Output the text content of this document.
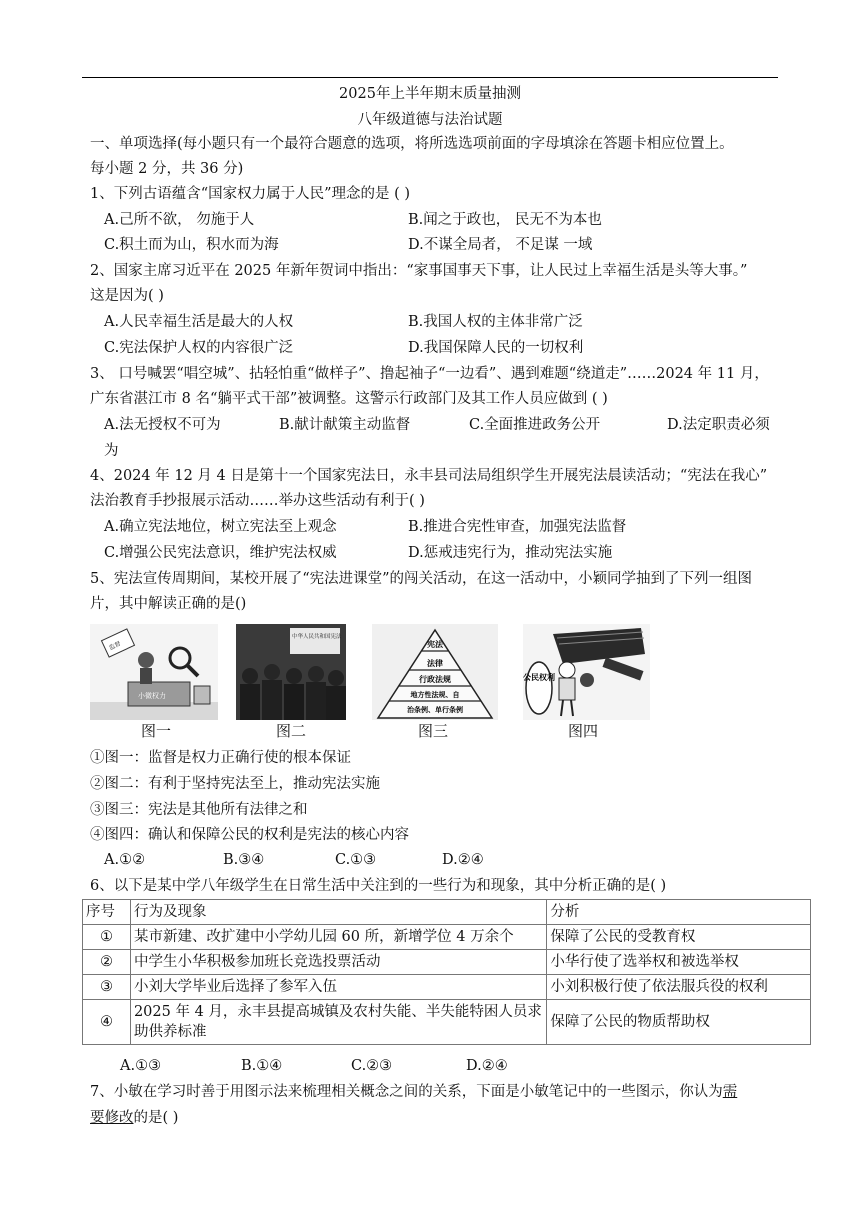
2025年上半年期末质量抽测
八年级道德与法治试题
一、单项选择(每小题只有一个最符合题意的选项，将所选选项前面的字母填涂在答题卡相应位置上。
每小题 2 分，共 36 分)
1、下列古语蕴含“国家权力属于人民”理念的是 ( )
A.己所不欲， 勿施于人	B.闻之于政也， 民无不为本也
C.积土而为山，积水而为海	D.不谋全局者， 不足谋 一域
2、国家主席习近平在 2025 年新年贺词中指出：“家事国事天下事，让人民过上幸福生活是头等大事。”
这是因为( )
A.人民幸福生活是最大的人权	B.我国人权的主体非常广泛
C.宪法保护人权的内容很广泛	D.我国保障人民的一切权利
3、 口号喊罢“唱空城”、拈轻怕重“做样子”、撸起袖子“一边看”、遇到难题“绕道走”……2024 年 11 月，
广东省湛江市 8 名“躺平式干部”被调整。这警示行政部门及其工作人员应做到 ( )
A.法无授权不可为	B.献计献策主动监督	C.全面推进政务公开	D.法定职责必须
为
4、2024 年 12 月 4 日是第十一个国家宪法日，永丰县司法局组织学生开展宪法晨读活动；“宪法在我心”
法治教育手抄报展示活动……举办这些活动有利于( )
A.确立宪法地位，树立宪法至上观念	B.推进合宪性审查，加强宪法监督
C.增强公民宪法意识，维护宪法权威	D.惩戒违宪行为，推动宪法实施
5、宪法宣传周期间，某校开展了“宪法进课堂”的闯关活动，在这一活动中，小颖同学抽到了下列一组图
片，其中解读正确的是()
小微权力
监督
图一
中华人民共和国宪法
图二
宪法
法律
行政法规
地方性法规、自
治条例、单行条例
图三
公民权利
图四
①图一：监督是权力正确行使的根本保证
②图二：有利于坚持宪法至上，推动宪法实施
③图三：宪法是其他所有法律之和
④图四：确认和保障公民的权利是宪法的核心内容
A.①②	B.③④	C.①③	D.②④
6、以下是某中学八年级学生在日常生活中关注到的一些行为和现象，其中分析正确的是( )
序号	行为及现象	分析
①	某市新建、改扩建中小学幼儿园 60 所，新增学位 4 万余个	保障了公民的受教育权
②	中学生小华积极参加班长竞选投票活动	小华行使了选举权和被选举权
③	小刘大学毕业后选择了参军入伍	小刘积极行使了依法服兵役的权利
④	2025 年 4 月，永丰县提高城镇及农村失能、半失能特困人员求助供养标准	保障了公民的物质帮助权
A.①③	B.①④	C.②③	D.②④
7、小敏在学习时善于用图示法来梳理相关概念之间的关系，下面是小敏笔记中的一些图示，你认为需
要修改的是( )
